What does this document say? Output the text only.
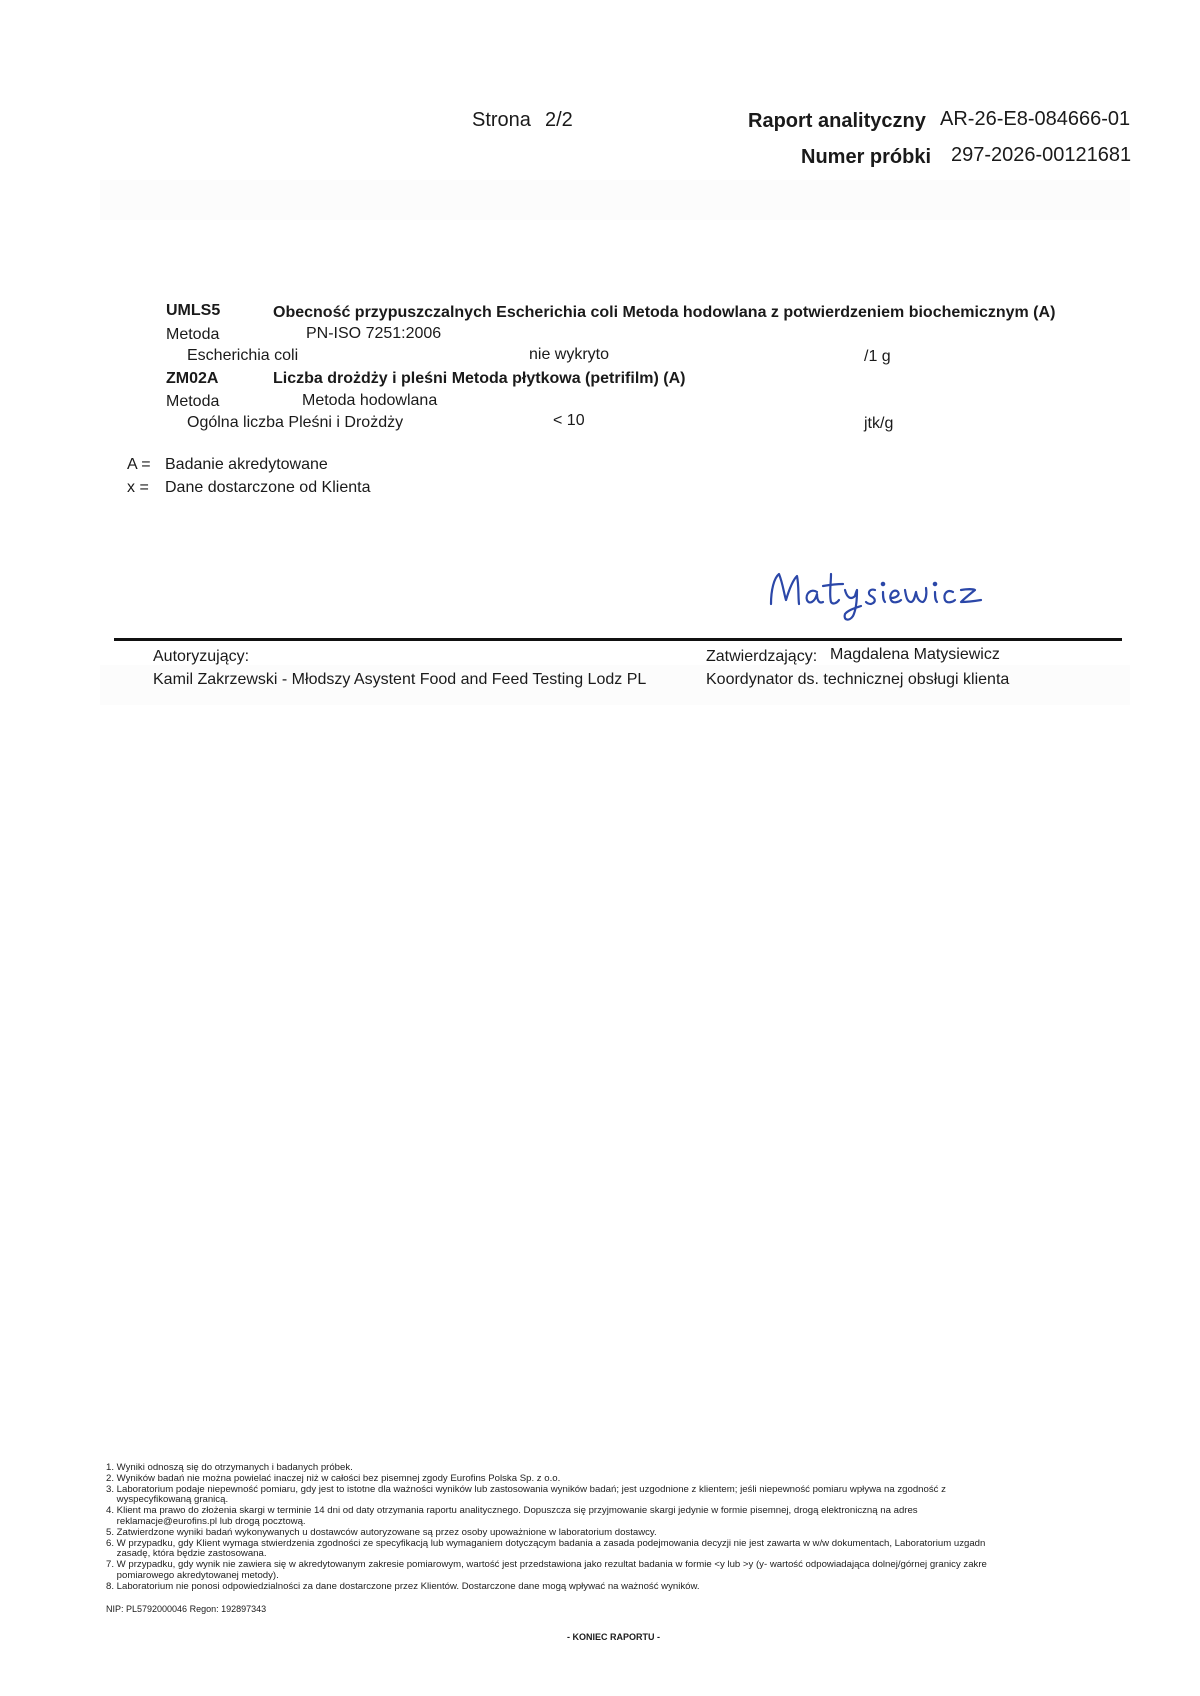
Strona 2/2	Raport analityczny AR-26-E8-084666-01
Numer próbki 297-2026-00121681
UMLS5	Obecność przypuszczalnych Escherichia coli Metoda hodowlana z potwierdzeniem biochemicznym (A)
Metoda	PN-ISO 7251:2006
Escherichia coli	nie wykryto	/1 g
ZM02A	Liczba drożdży i pleśni Metoda płytkowa (petrifilm) (A)
Metoda	Metoda hodowlana
Ogólna liczba Pleśni i Drożdży	< 10	jtk/g
A = Badanie akredytowane
x = Dane dostarczone od Klienta
Autoryzujący:
Kamil Zakrzewski - Młodszy Asystent Food and Feed Testing Lodz PL
Zatwierdzający: Magdalena Matysiewicz
Koordynator ds. technicznej obsługi klienta
1. Wyniki odnoszą się do otrzymanych i badanych próbek.
2. Wyników badań nie można powielać inaczej niż w całości bez pisemnej zgody Eurofins Polska Sp. z o.o.
3. Laboratorium podaje niepewność pomiaru, gdy jest to istotne dla ważności wyników lub zastosowania wyników badań; jest uzgodnione z klientem; jeśli niepewność pomiaru wpływa na zgodność z
wyspecyfikowaną granicą.
4. Klient ma prawo do złożenia skargi w terminie 14 dni od daty otrzymania raportu analitycznego. Dopuszcza się przyjmowanie skargi jedynie w formie pisemnej, drogą elektroniczną na adres
reklamacje@eurofins.pl lub drogą pocztową.
5. Zatwierdzone wyniki badań wykonywanych u dostawców autoryzowane są przez osoby upoważnione w laboratorium dostawcy.
6. W przypadku, gdy Klient wymaga stwierdzenia zgodności ze specyfikacją lub wymaganiem dotyczącym badania a zasada podejmowania decyzji nie jest zawarta w w/w dokumentach, Laboratorium uzgadn
zasadę, która będzie zastosowana.
7. W przypadku, gdy wynik nie zawiera się w akredytowanym zakresie pomiarowym, wartość jest przedstawiona jako rezultat badania w formie <y lub >y (y- wartość odpowiadająca dolnej/górnej granicy zakre
pomiarowego akredytowanej metody).
8. Laboratorium nie ponosi odpowiedzialności za dane dostarczone przez Klientów. Dostarczone dane mogą wpływać na ważność wyników.
NIP: PL5792000046 Regon: 192897343
- KONIEC RAPORTU -
